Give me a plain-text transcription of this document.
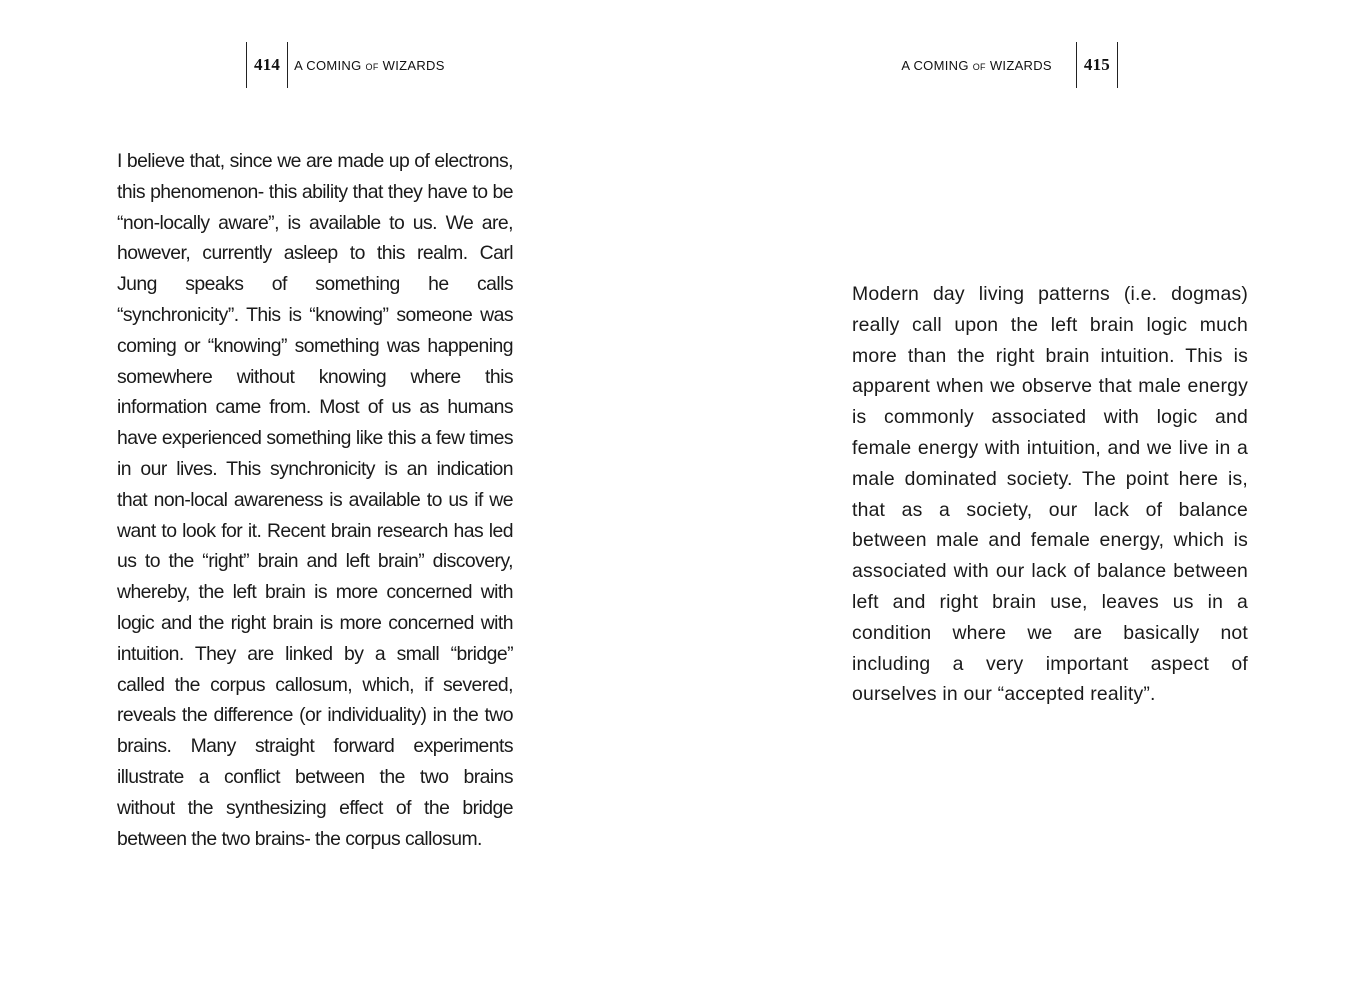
414	A COMING OF WIZARDS

I believe that, since we are made up of electrons, this phenomenon- this ability that they have to be “non-locally aware”, is available to us. We are, however, currently asleep to this realm. Carl Jung speaks of something he calls “synchronicity”. This is “knowing” someone was coming or “knowing” something was happening somewhere without knowing where this information came from. Most of us as humans have experienced something like this a few times in our lives. This synchronicity is an indication that non-local awareness is available to us if we want to look for it. Recent brain research has led us to the “right” brain and left brain” discovery, whereby, the left brain is more concerned with logic and the right brain is more concerned with intuition. They are linked by a small “bridge” called the corpus callosum, which, if severed, reveals the difference (or individuality) in the two brains. Many straight forward experiments illustrate a conflict between the two brains without the synthesizing effect of the bridge between the two brains- the corpus callosum.

A COMING OF WIZARDS	415

Modern day living patterns (i.e. dogmas) really call upon the left brain logic much more than the right brain intuition. This is apparent when we observe that male energy is commonly associated with logic and female energy with intuition, and we live in a male dominated society. The point here is, that as a society, our lack of balance between male and female energy, which is associated with our lack of balance between left and right brain use, leaves us in a condition where we are basically not including a very important aspect of ourselves in our “accepted reality”.
